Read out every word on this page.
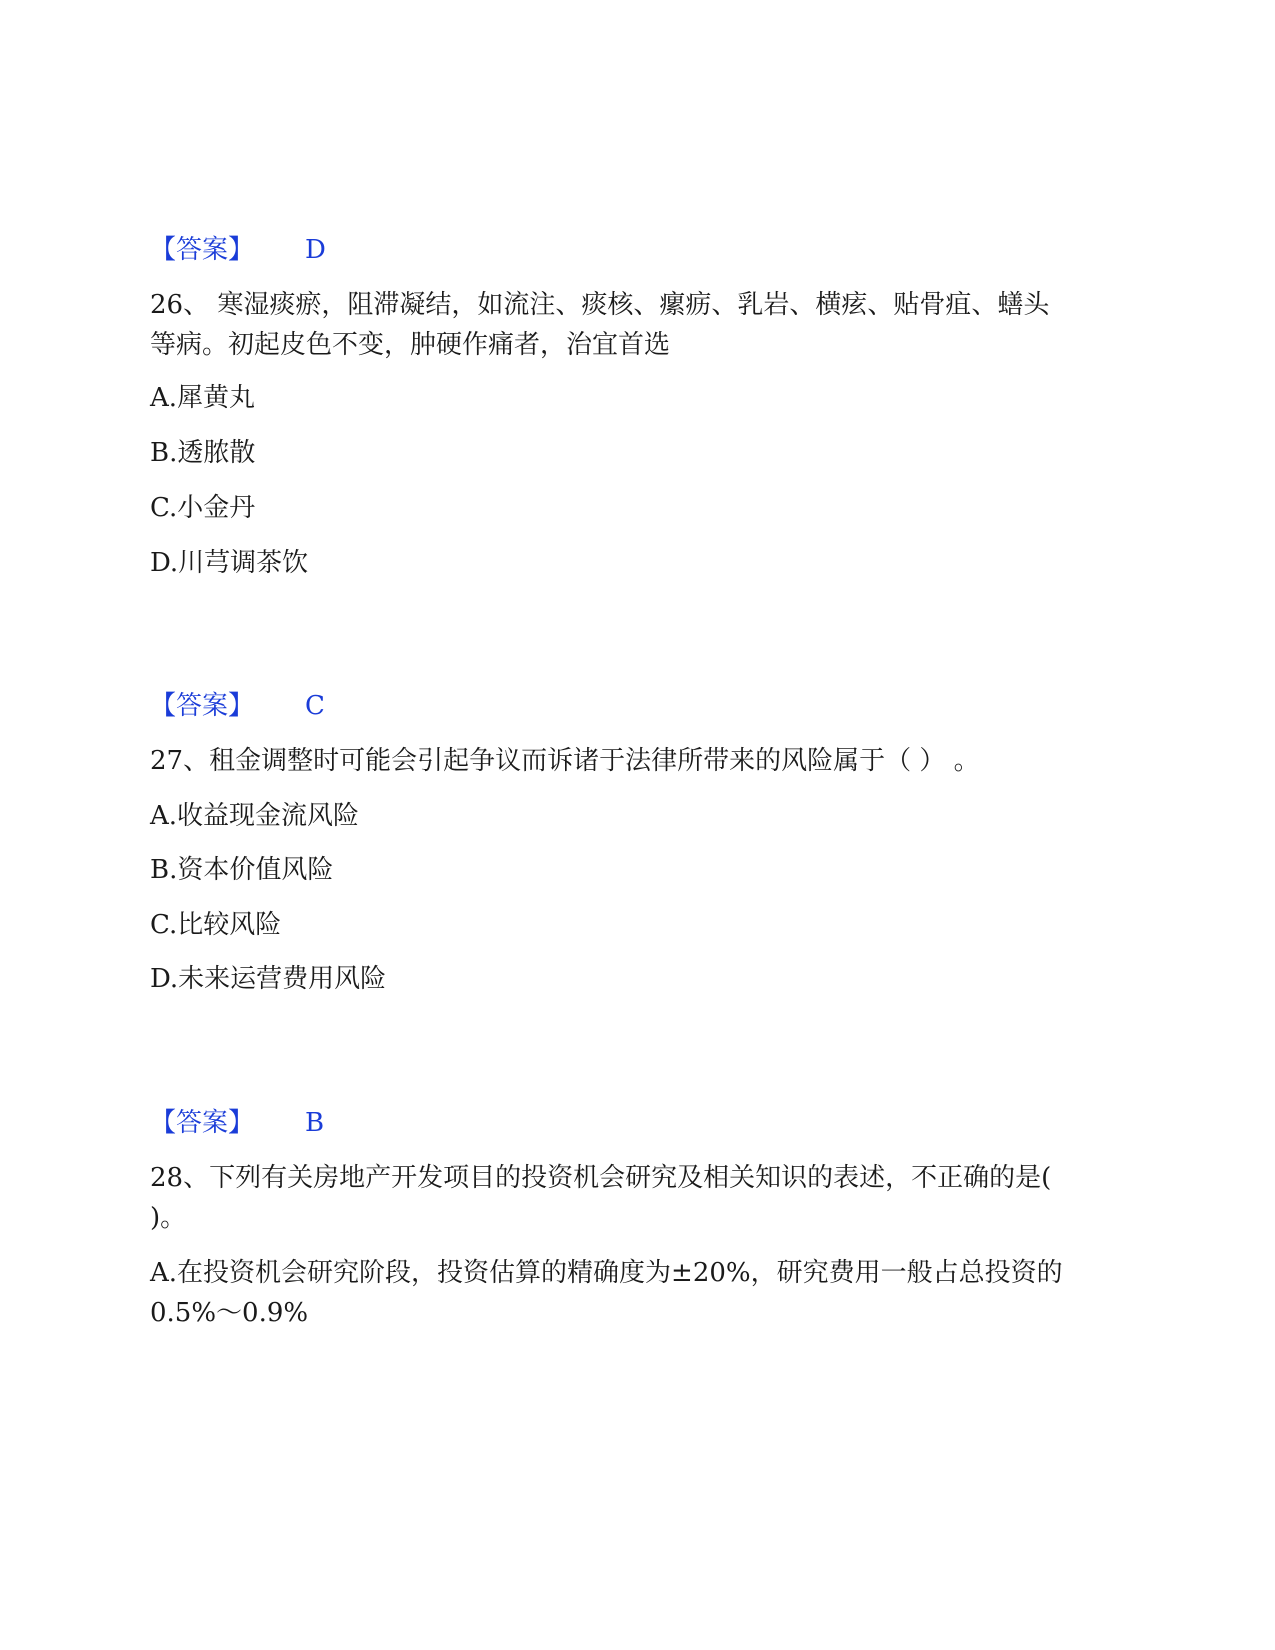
【答案】 D
26、 寒湿痰瘀，阻滞凝结，如流注、痰核、瘰疬、乳岩、横痃、贴骨疽、蟮头等病。初起皮色不变，肿硬作痛者，治宜首选
A.犀黄丸
B.透脓散
C.小金丹
D.川芎调茶饮
【答案】 C
27、租金调整时可能会引起争议而诉诸于法律所带来的风险属于（ ） 。
A.收益现金流风险
B.资本价值风险
C.比较风险
D.未来运营费用风险
【答案】 B
28、下列有关房地产开发项目的投资机会研究及相关知识的表述，不正确的是( )。
A.在投资机会研究阶段，投资估算的精确度为±20%，研究费用一般占总投资的 0.5%～0.9%
